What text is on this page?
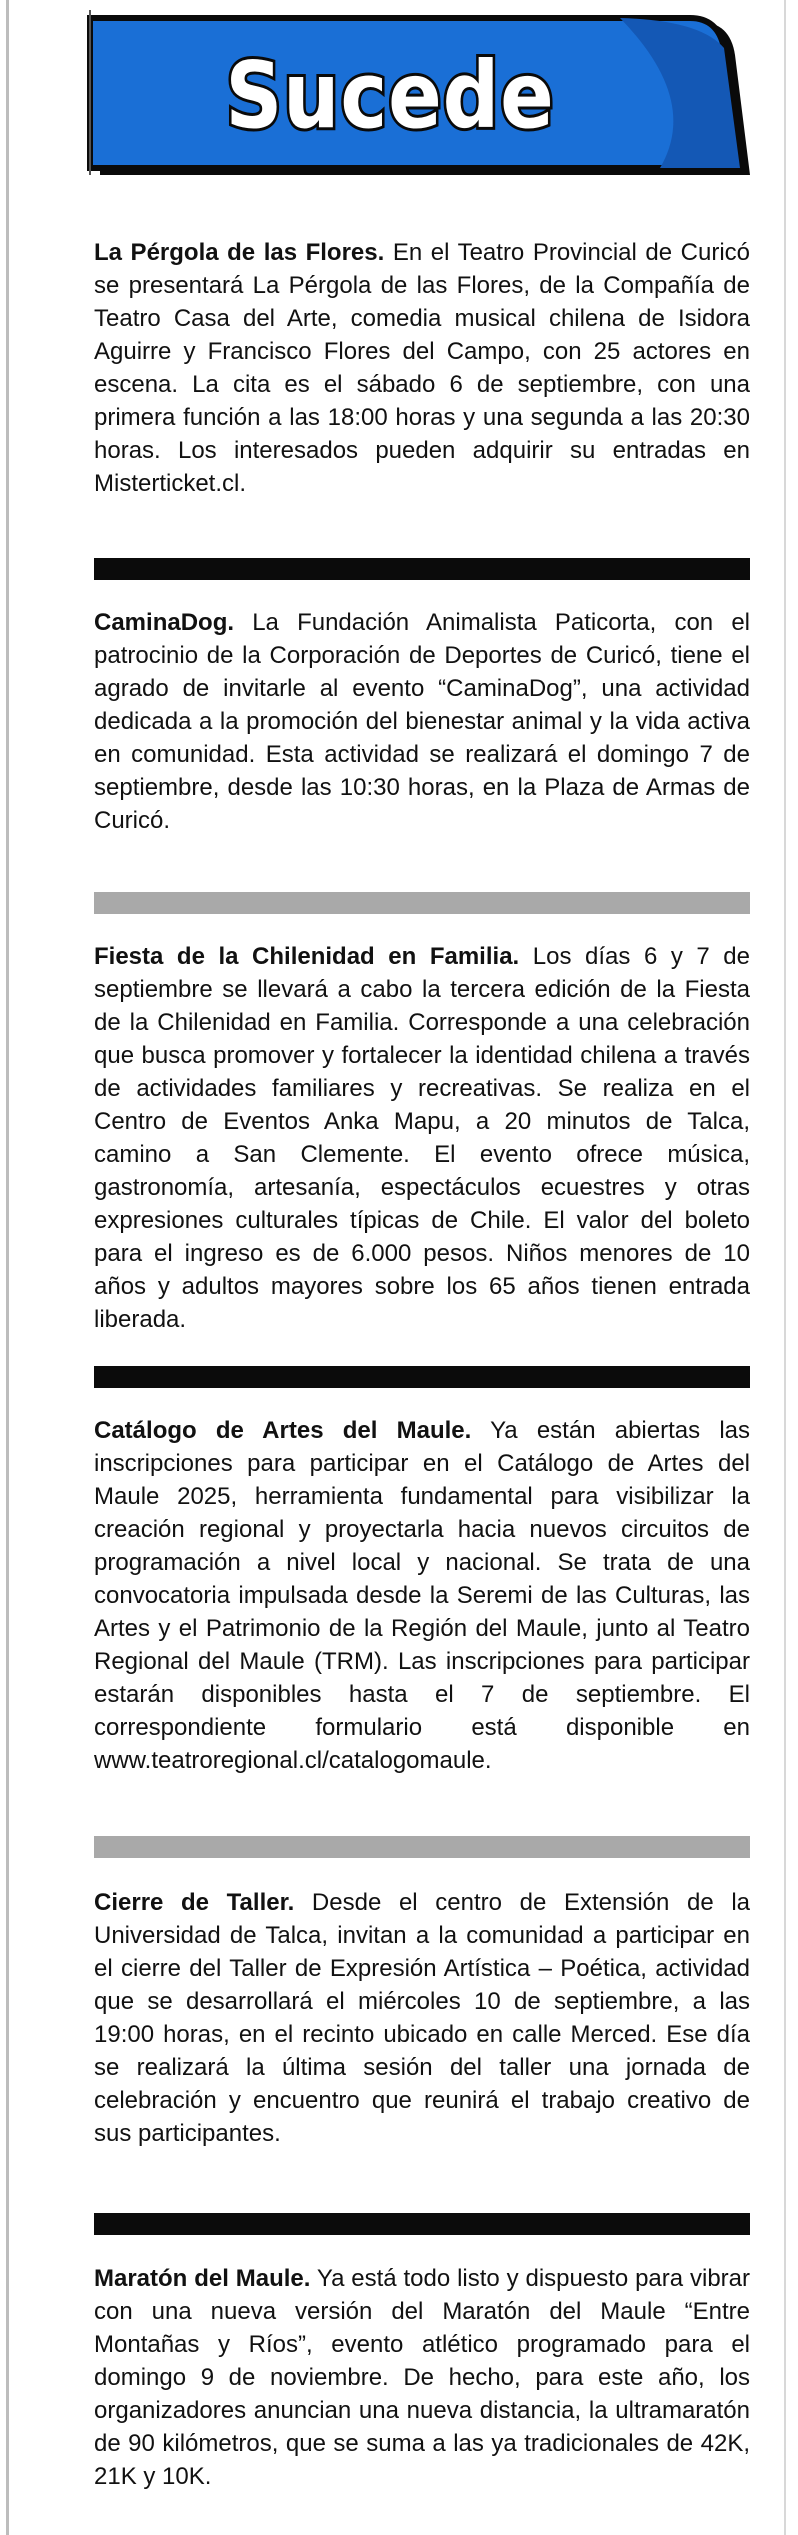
Sucede

La Pérgola de las Flores. En el Teatro Provincial de Curicó se presentará La Pérgola de las Flores, de la Compañía de Teatro Casa del Arte, comedia musical chilena de Isidora Aguirre y Francisco Flores del Campo, con 25 actores en escena. La cita es el sábado 6 de septiembre, con una primera función a las 18:00 horas y una segunda a las 20:30 horas. Los interesados pueden adquirir su entradas en Misterticket.cl.

CaminaDog. La Fundación Animalista Paticorta, con el patrocinio de la Corporación de Deportes de Curicó, tiene el agrado de invitarle al evento “CaminaDog”, una actividad dedicada a la promoción del bienestar animal y la vida activa en comunidad. Esta actividad se realizará el domingo 7 de septiembre, desde las 10:30 horas, en la Plaza de Armas de Curicó.

Fiesta de la Chilenidad en Familia. Los días 6 y 7 de septiembre se llevará a cabo la tercera edición de la Fiesta de la Chilenidad en Familia. Corresponde a una celebración que busca promover y fortalecer la identidad chilena a través de actividades familiares y recreativas. Se realiza en el Centro de Eventos Anka Mapu, a 20 minutos de Talca, camino a San Clemente. El evento ofrece música, gastronomía, artesanía, espectáculos ecuestres y otras expresiones culturales típicas de Chile. El valor del boleto para el ingreso es de 6.000 pesos. Niños menores de 10 años y adultos mayores sobre los 65 años tienen entrada liberada.

Catálogo de Artes del Maule. Ya están abiertas las inscripciones para participar en el Catálogo de Artes del Maule 2025, herramienta fundamental para visibilizar la creación regional y proyectarla hacia nuevos circuitos de programación a nivel local y nacional. Se trata de una convocatoria impulsada desde la Seremi de las Culturas, las Artes y el Patrimonio de la Región del Maule, junto al Teatro Regional del Maule (TRM). Las inscripciones para participar estarán disponibles hasta el 7 de septiembre. El correspondiente formulario está disponible en www.teatroregional.cl/catalogomaule.

Cierre de Taller. Desde el centro de Extensión de la Universidad de Talca, invitan a la comunidad a participar en el cierre del Taller de Expresión Artística – Poética, actividad que se desarrollará el miércoles 10 de septiembre, a las 19:00 horas, en el recinto ubicado en calle Merced. Ese día se realizará la última sesión del taller una jornada de celebración y encuentro que reunirá el trabajo creativo de sus participantes.

Maratón del Maule. Ya está todo listo y dispuesto para vibrar con una nueva versión del Maratón del Maule “Entre Montañas y Ríos”, evento atlético programado para el domingo 9 de noviembre. De hecho, para este año, los organizadores anuncian una nueva distancia, la ultramaratón de 90 kilómetros, que se suma a las ya tradicionales de 42K, 21K y 10K.
